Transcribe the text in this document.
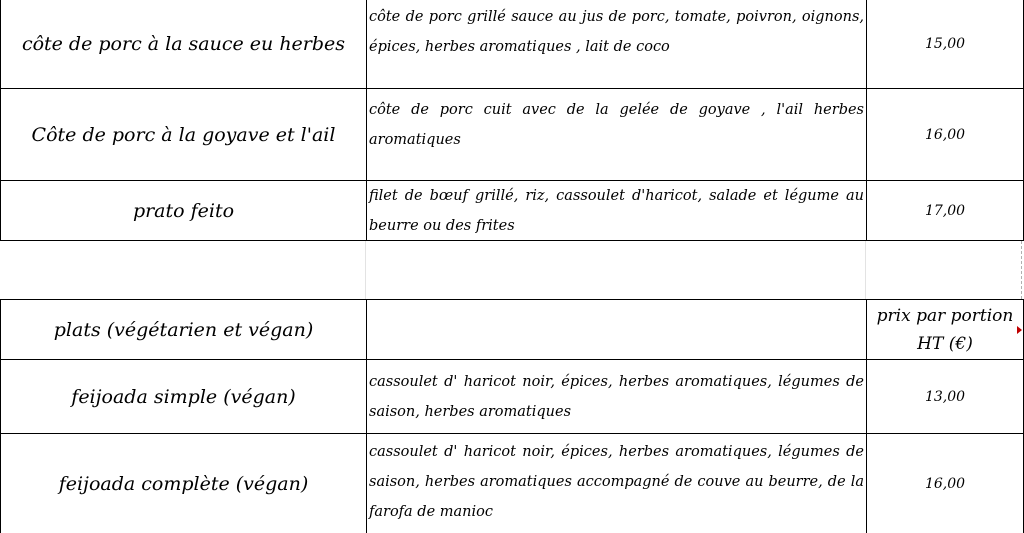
côte de porc à la sauce eu herbes
côte de porc grillé sauce au jus de porc, tomate, poivron, oignons, épices, herbes aromatiques , lait de coco	15,00
Côte de porc à la goyave et l'ail
côte de porc cuit avec de la gelée de goyave , l'ail herbes aromatiques	16,00
prato feito
filet de bœuf grillé, riz, cassoulet d'haricot, salade et légume au beurre ou des frites
17,00
plats (végétarien et végan)
prix par portion
HT (€)
feijoada simple (végan)
cassoulet d' haricot noir, épices, herbes aromatiques, légumes de saison, herbes aromatiques
13,00
feijoada complète (végan)
cassoulet d' haricot noir, épices, herbes aromatiques, légumes de saison, herbes aromatiques accompagné de couve au beurre, de la farofa de manioc
16,00
